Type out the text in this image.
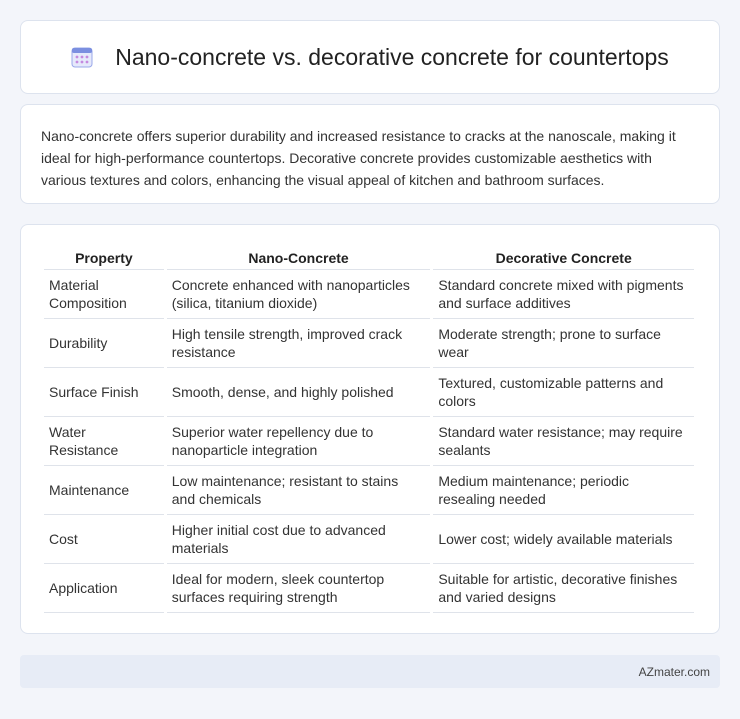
Nano-concrete vs. decorative concrete for countertops

Nano-concrete offers superior durability and increased resistance to cracks at the nanoscale, making it ideal for high-performance countertops. Decorative concrete provides customizable aesthetics with various textures and colors, enhancing the visual appeal of kitchen and bathroom surfaces.

Property	Nano-Concrete	Decorative Concrete
Material Composition	Concrete enhanced with nanoparticles (silica, titanium dioxide)	Standard concrete mixed with pigments and surface additives
Durability	High tensile strength, improved crack resistance	Moderate strength; prone to surface wear
Surface Finish	Smooth, dense, and highly polished	Textured, customizable patterns and colors
Water Resistance	Superior water repellency due to nanoparticle integration	Standard water resistance; may require sealants
Maintenance	Low maintenance; resistant to stains and chemicals	Medium maintenance; periodic resealing needed
Cost	Higher initial cost due to advanced materials	Lower cost; widely available materials
Application	Ideal for modern, sleek countertop surfaces requiring strength	Suitable for artistic, decorative finishes and varied designs
AZmater.com
